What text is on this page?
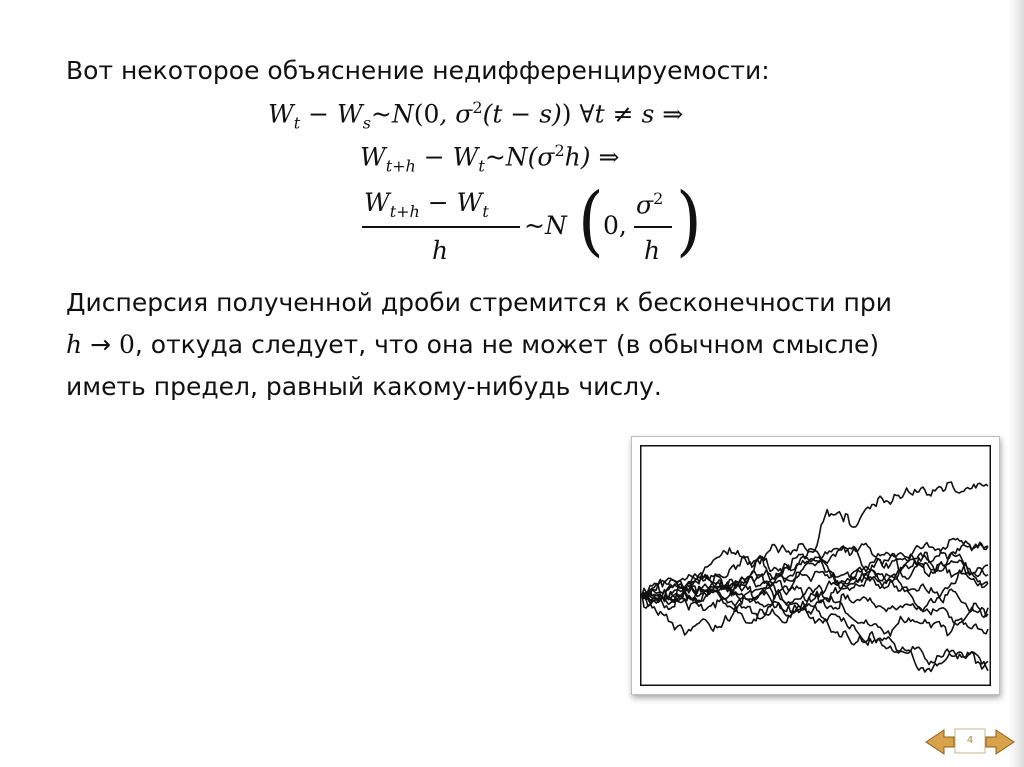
Вот некоторое объяснение недифференцируемости:
$W_t$ − $W_s\sim N(0$, $\sigma^2(t - s)$) ∀t ≠ s ⇒
$W_{t+h}$ − $W_t\sim N(\sigma^2h)$ ⇒
$W_{t+h} - W_t$
h
~N ( 0,
$\sigma^2$
h )
Дисперсия полученной дроби стремится к бесконечности при
h → 0, откуда следует, что она не может (в обычном смысле)
иметь предел, равный какому-нибудь числу.
4
